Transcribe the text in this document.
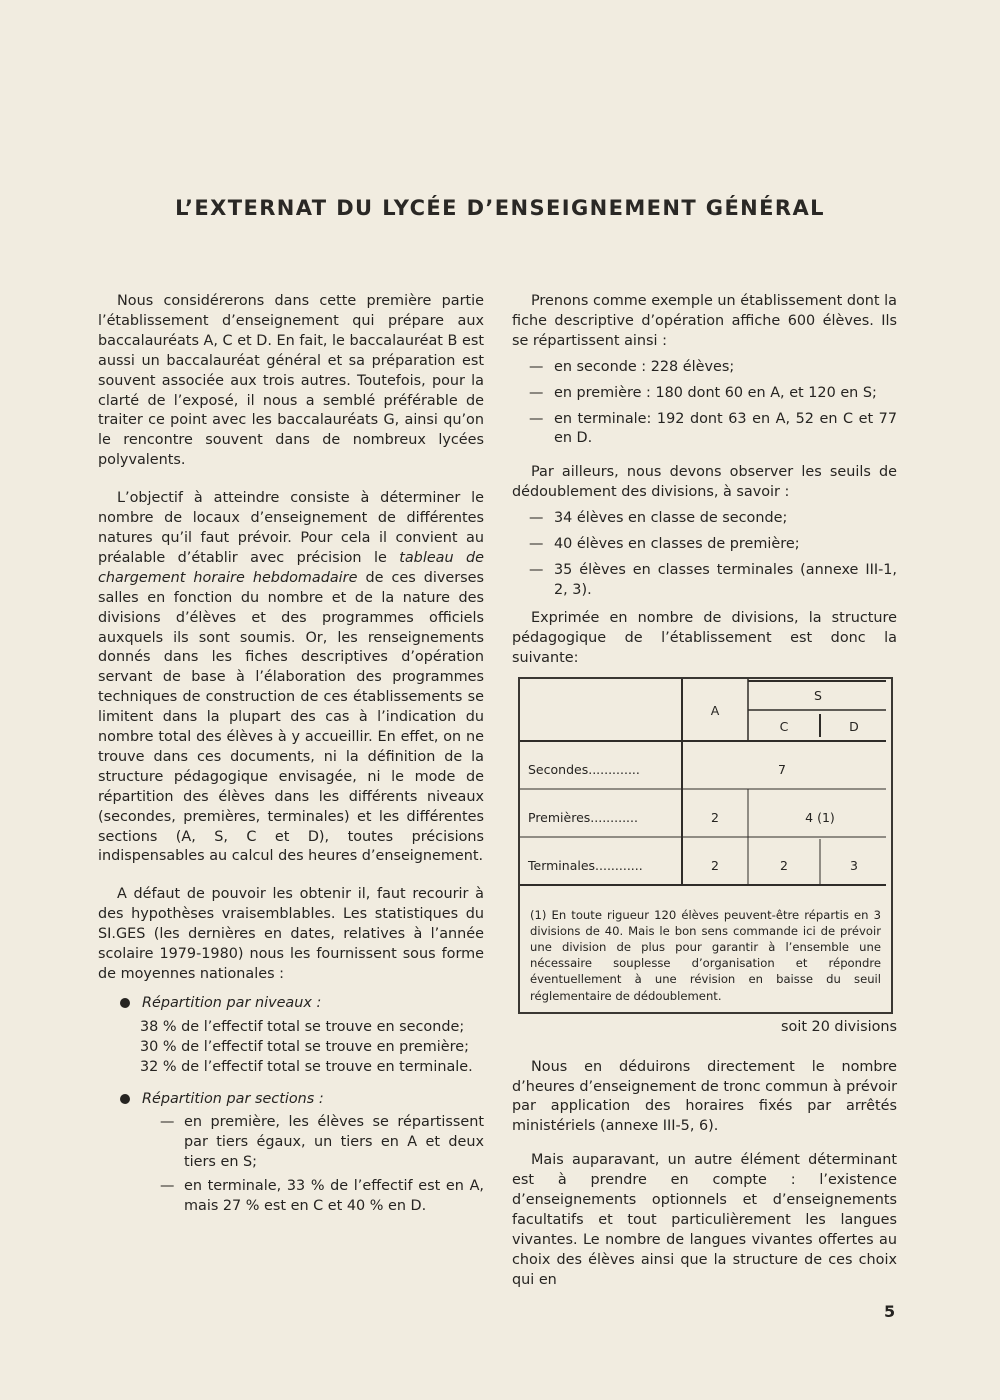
L’EXTERNAT DU LYCÉE D’ENSEIGNEMENT GÉNÉRAL

Nous considérerons dans cette première partie l’établissement d’enseignement qui prépare aux baccalauréats A, C et D. En fait, le baccalauréat B est aussi un baccalauréat général et sa préparation est souvent associée aux trois autres. Toutefois, pour la clarté de l’exposé, il nous a semblé préférable de traiter ce point avec les baccalauréats G, ainsi qu’on le rencontre souvent dans de nombreux lycées polyvalents.

L’objectif à atteindre consiste à déterminer le nombre de locaux d’enseignement de différentes natures qu’il faut prévoir. Pour cela il convient au préalable d’établir avec précision le tableau de chargement horaire hebdomadaire de ces diverses salles en fonction du nombre et de la nature des divisions d’élèves et des programmes officiels auxquels ils sont soumis. Or, les renseignements donnés dans les fiches descriptives d’opération servant de base à l’élaboration des programmes techniques de construction de ces établissements se limitent dans la plupart des cas à l’indication du nombre total des élèves à y accueillir. En effet, on ne trouve dans ces documents, ni la définition de la structure pédagogique envisagée, ni le mode de répartition des élèves dans les différents niveaux (secondes, premières, terminales) et les différentes sections (A, S, C et D), toutes précisions indispensables au calcul des heures d’enseignement.

A défaut de pouvoir les obtenir il, faut recourir à des hypothèses vraisemblables. Les statistiques du SI.GES (les dernières en dates, relatives à l’année scolaire 1979-1980) nous les fournissent sous forme de moyennes nationales :

Répartition par niveaux :

38 % de l’effectif total se trouve en seconde;

30 % de l’effectif total se trouve en première;

32 % de l’effectif total se trouve en terminale.

Répartition par sections :
— en première, les élèves se répartissent par tiers égaux, un tiers en A et deux tiers en S;
— en terminale, 33 % de l’effectif est en A, mais 27 % est en C et 40 % en D.

Prenons comme exemple un établissement dont la fiche descriptive d’opération affiche 600 élèves. Ils se répartissent ainsi :

— en seconde : 228 élèves;
— en première : 180 dont 60 en A, et 120 en S;
— en terminale: 192 dont 63 en A, 52 en C et 77 en D.

Par ailleurs, nous devons observer les seuils de dédoublement des divisions, à savoir :

— 34 élèves en classe de seconde;
— 40 élèves en classes de première;
— 35 élèves en classes terminales (annexe III-1, 2, 3).

Exprimée en nombre de divisions, la structure pédagogique de l’établissement est donc la suivante:

A
S
C	D
Secondes.............	7
Premières............	2	4 (1)
Terminales............	2	2	3

(1) En toute rigueur 120 élèves peuvent-être répartis en 3 divisions de 40. Mais le bon sens commande ici de prévoir une division de plus pour garantir à l’ensemble une nécessaire souplesse d’organisation et répondre éventuellement à une révision en baisse du seuil réglementaire de dédoublement.

soit 20 divisions

Nous en déduirons directement le nombre d’heures d’enseignement de tronc commun à prévoir par application des horaires fixés par arrêtés ministériels (annexe III-5, 6).

Mais auparavant, un autre élément déterminant est à prendre en compte : l’existence d’enseignements optionnels et d’enseignements facultatifs et tout particulièrement les langues vivantes. Le nombre de langues vivantes offertes au choix des élèves ainsi que la structure de ces choix qui en

5
